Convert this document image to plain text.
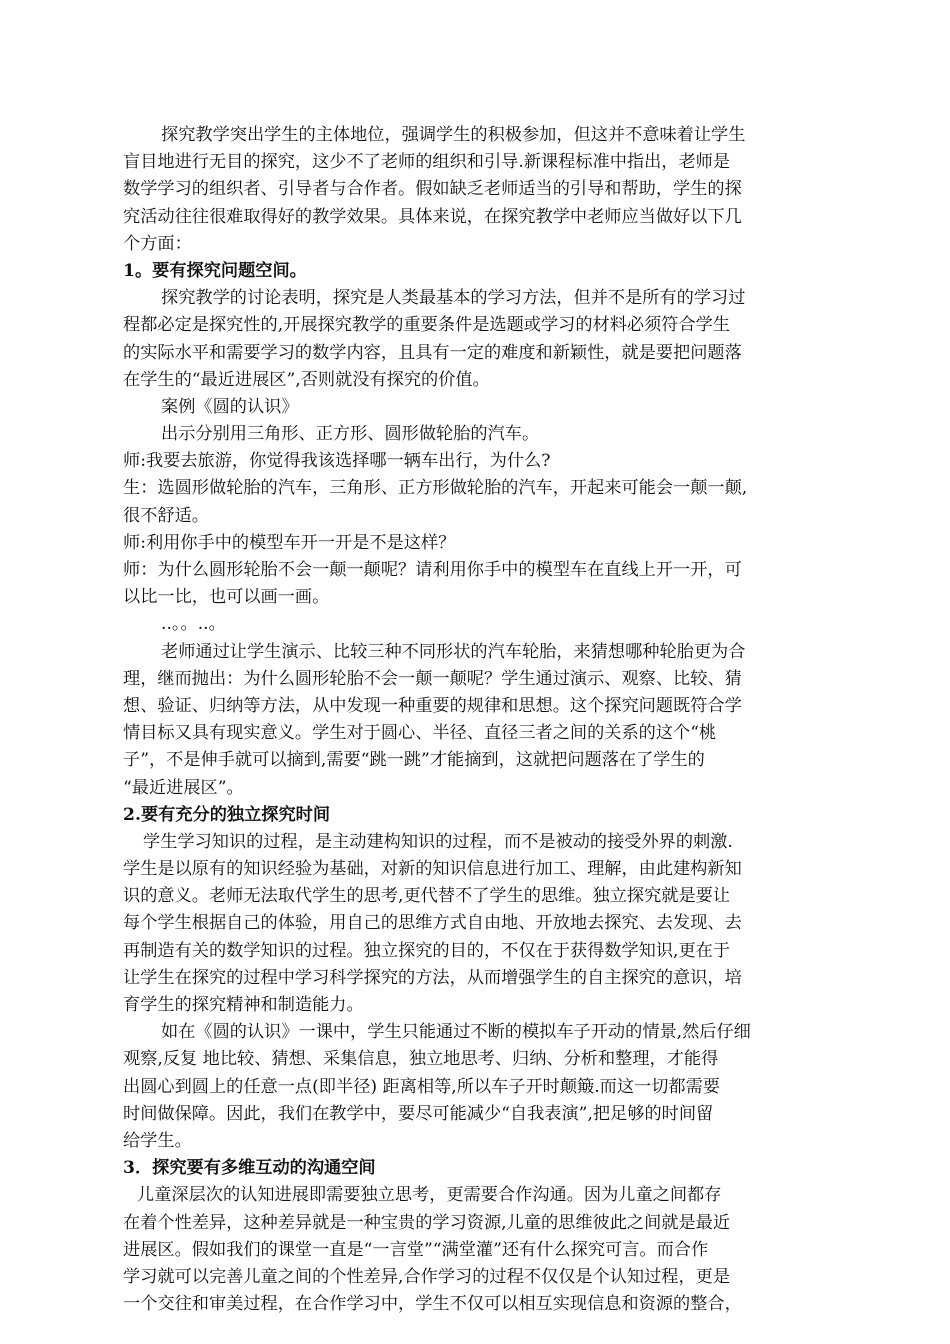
探究教学突出学生的主体地位，强调学生的积极参加，但这并不意味着让学生
盲目地进行无目的探究，这少不了老师的组织和引导.新课程标准中指出，老师是
数学学习的组织者、引导者与合作者。假如缺乏老师适当的引导和帮助，学生的探
究活动往往很难取得好的教学效果。具体来说，在探究教学中老师应当做好以下几
个方面：
1。要有探究问题空间。
探究教学的讨论表明，探究是人类最基本的学习方法，但并不是所有的学习过
程都必定是探究性的,开展探究教学的重要条件是选题或学习的材料必须符合学生
的实际水平和需要学习的数学内容，且具有一定的难度和新颖性，就是要把问题落
在学生的“最近进展区”,否则就没有探究的价值。
案例《圆的认识》
出示分别用三角形、正方形、圆形做轮胎的汽车。
师:我要去旅游，你觉得我该选择哪一辆车出行，为什么?
生：选圆形做轮胎的汽车，三角形、正方形做轮胎的汽车，开起来可能会一颠一颠,
很不舒适。
师:利用你手中的模型车开一开是不是这样？
师：为什么圆形轮胎不会一颠一颠呢？请利用你手中的模型车在直线上开一开，可
以比一比，也可以画一画。
..。。..。
老师通过让学生演示、比较三种不同形状的汽车轮胎，来猜想哪种轮胎更为合
理，继而抛出：为什么圆形轮胎不会一颠一颠呢？学生通过演示、观察、比较、猜
想、验证、归纳等方法，从中发现一种重要的规律和思想。这个探究问题既符合学
情目标又具有现实意义。学生对于圆心、半径、直径三者之间的关系的这个“桃
子”，不是伸手就可以摘到,需要“跳一跳”才能摘到，这就把问题落在了学生的
“最近进展区”。
2.要有充分的独立探究时间
学生学习知识的过程，是主动建构知识的过程，而不是被动的接受外界的刺激.
学生是以原有的知识经验为基础，对新的知识信息进行加工、理解，由此建构新知
识的意义。老师无法取代学生的思考,更代替不了学生的思维。独立探究就是要让
每个学生根据自己的体验，用自己的思维方式自由地、开放地去探究、去发现、去
再制造有关的数学知识的过程。独立探究的目的，不仅在于获得数学知识,更在于
让学生在探究的过程中学习科学探究的方法，从而增强学生的自主探究的意识，培
育学生的探究精神和制造能力。
如在《圆的认识》一课中，学生只能通过不断的模拟车子开动的情景,然后仔细
观察,反复 地比较、猜想、采集信息，独立地思考、归纳、分析和整理，才能得
出圆心到圆上的任意一点(即半径) 距离相等,所以车子开时颠簸.而这一切都需要
时间做保障。因此，我们在教学中，要尽可能减少“自我表演”,把足够的时间留
给学生。
3．探究要有多维互动的沟通空间
儿童深层次的认知进展即需要独立思考，更需要合作沟通。因为儿童之间都存
在着个性差异，这种差异就是一种宝贵的学习资源,儿童的思维彼此之间就是最近
进展区。假如我们的课堂一直是“一言堂”“满堂灌”还有什么探究可言。而合作
学习就可以完善儿童之间的个性差异,合作学习的过程不仅仅是个认知过程，更是
一个交往和审美过程，在合作学习中，学生不仅可以相互实现信息和资源的整合，
